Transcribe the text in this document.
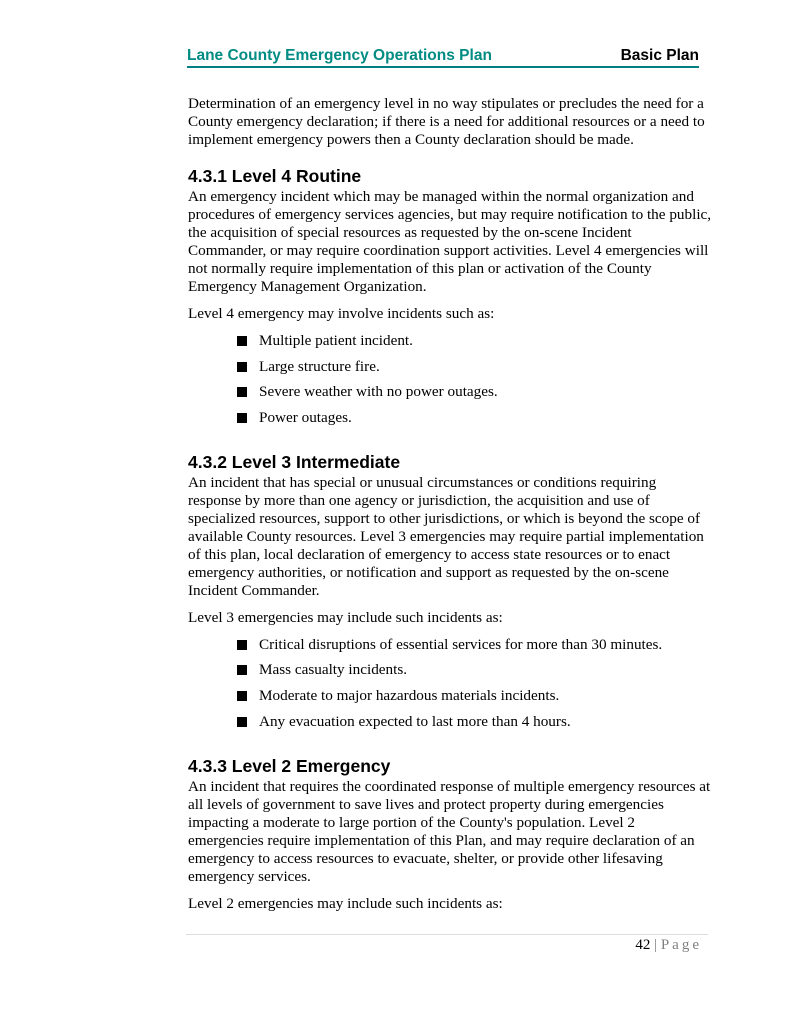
Lane County Emergency Operations Plan	Basic Plan

Determination of an emergency level in no way stipulates or precludes the need for a County emergency declaration; if there is a need for additional resources or a need to implement emergency powers then a County declaration should be made.

4.3.1 Level 4 Routine

An emergency incident which may be managed within the normal organization and procedures of emergency services agencies, but may require notification to the public, the acquisition of special resources as requested by the on-scene Incident Commander, or may require coordination support activities. Level 4 emergencies will not normally require implementation of this plan or activation of the County Emergency Management Organization.

Level 4 emergency may involve incidents such as:

Multiple patient incident.
Large structure fire.
Severe weather with no power outages.
Power outages.
4.3.2 Level 3 Intermediate

An incident that has special or unusual circumstances or conditions requiring response by more than one agency or jurisdiction, the acquisition and use of specialized resources, support to other jurisdictions, or which is beyond the scope of available County resources. Level 3 emergencies may require partial implementation of this plan, local declaration of emergency to access state resources or to enact emergency authorities, or notification and support as requested by the on-scene Incident Commander.

Level 3 emergencies may include such incidents as:

Critical disruptions of essential services for more than 30 minutes.
Mass casualty incidents.
Moderate to major hazardous materials incidents.
Any evacuation expected to last more than 4 hours.
4.3.3 Level 2 Emergency

An incident that requires the coordinated response of multiple emergency resources at all levels of government to save lives and protect property during emergencies impacting a moderate to large portion of the County's population. Level 2 emergencies require implementation of this Plan, and may require declaration of an emergency to access resources to evacuate, shelter, or provide other lifesaving emergency services.

Level 2 emergencies may include such incidents as:

42 | Page
